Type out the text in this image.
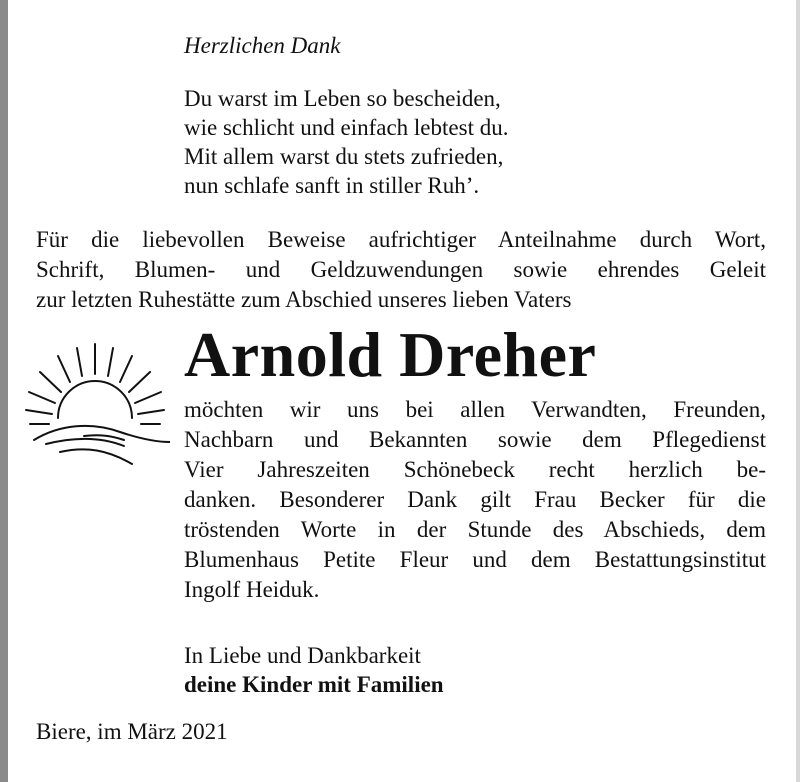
Herzlichen Dank
Du warst im Leben so bescheiden,
wie schlicht und einfach lebtest du.
Mit allem warst du stets zufrieden,
nun schlafe sanft in stiller Ruh’.
Für die liebevollen Beweise aufrichtiger Anteilnahme durch Wort,
Schrift, Blumen- und Geldzuwendungen sowie ehrendes Geleit
zur letzten Ruhestätte zum Abschied unseres lieben Vaters
Arnold Dreher
möchten wir uns bei allen Verwandten, Freunden,
Nachbarn und Bekannten sowie dem Pflegedienst
Vier Jahreszeiten Schönebeck recht herzlich be-
danken. Besonderer Dank gilt Frau Becker für die
tröstenden Worte in der Stunde des Abschieds, dem
Blumenhaus Petite Fleur und dem Bestattungsinstitut
Ingolf Heiduk.
In Liebe und Dankbarkeit
deine Kinder mit Familien
Biere, im März 2021
